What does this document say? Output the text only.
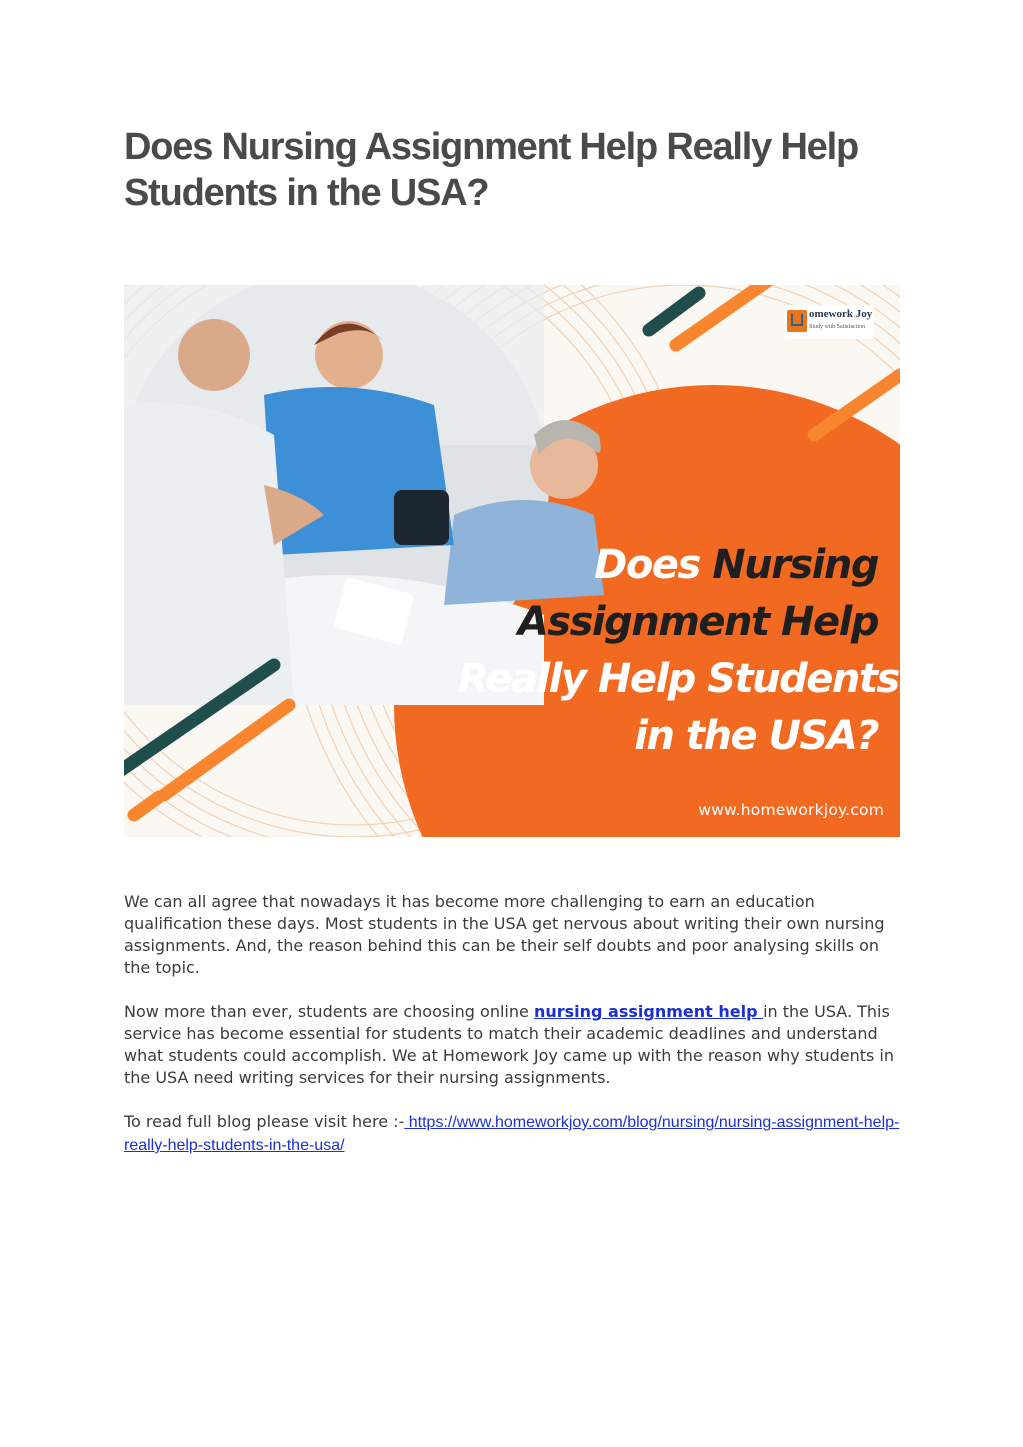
Does Nursing Assignment Help Really Help
Students in the USA?
omework Joy
Study with Satisfaction
Does Nursing
Assignment Help
Really Help Students
in the USA?
www.homeworkjoy.com

We can all agree that nowadays it has become more challenging to earn an education qualification these days. Most students in the USA get nervous about writing their own nursing assignments. And, the reason behind this can be their self doubts and poor analysing skills on the topic.

Now more than ever, students are choosing online nursing assignment help in the USA. This service has become essential for students to match their academic deadlines and understand what students could accomplish. We at Homework Joy came up with the reason why students in the USA need writing services for their nursing assignments.

To read full blog please visit here :- https://www.homeworkjoy.com/blog/nursing/nursing-assignment-help-really-help-students-in-the-usa/
